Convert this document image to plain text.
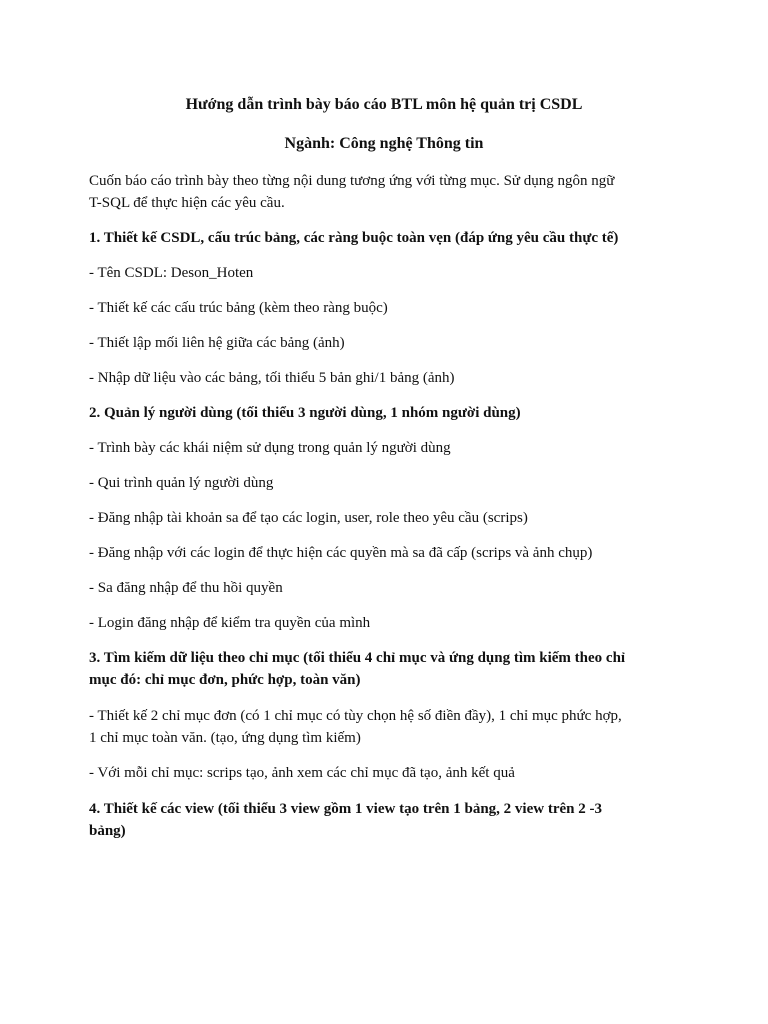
Hướng dẫn trình bày báo cáo BTL môn hệ quản trị CSDL
Ngành: Công nghệ Thông tin
Cuốn báo cáo trình bày theo từng nội dung tương ứng với từng mục. Sử dụng ngôn ngữ
T-SQL để thực hiện các yêu cầu.
1. Thiết kế CSDL, cấu trúc bảng, các ràng buộc toàn vẹn (đáp ứng yêu cầu thực tế)
- Tên CSDL: Deson_Hoten
- Thiết kế các cấu trúc bảng (kèm theo ràng buộc)
- Thiết lập mối liên hệ giữa các bảng (ảnh)
- Nhập dữ liệu vào các bảng, tối thiểu 5 bản ghi/1 bảng (ảnh)
2. Quản lý người dùng (tối thiểu 3 người dùng, 1 nhóm người dùng)
- Trình bày các khái niệm sử dụng trong quản lý người dùng
- Qui trình quản lý người dùng
- Đăng nhập tài khoản sa để tạo các login, user, role theo yêu cầu (scrips)
- Đăng nhập với các login để thực hiện các quyền mà sa đã cấp (scrips và ảnh chụp)
- Sa đăng nhập để thu hồi quyền
- Login đăng nhập để kiểm tra quyền của mình
3. Tìm kiếm dữ liệu theo chỉ mục (tối thiểu 4 chỉ mục và ứng dụng tìm kiếm theo chỉ
mục đó: chỉ mục đơn, phức hợp, toàn văn)
- Thiết kế 2 chỉ mục đơn (có 1 chỉ mục có tùy chọn hệ số điền đầy), 1 chỉ mục phức hợp,
1 chỉ mục toàn văn. (tạo, ứng dụng tìm kiếm)
- Với mỗi chỉ mục: scrips tạo, ảnh xem các chỉ mục đã tạo, ảnh kết quả
4. Thiết kế các view (tối thiểu 3 view gồm 1 view tạo trên 1 bảng, 2 view trên 2 -3
bảng)
